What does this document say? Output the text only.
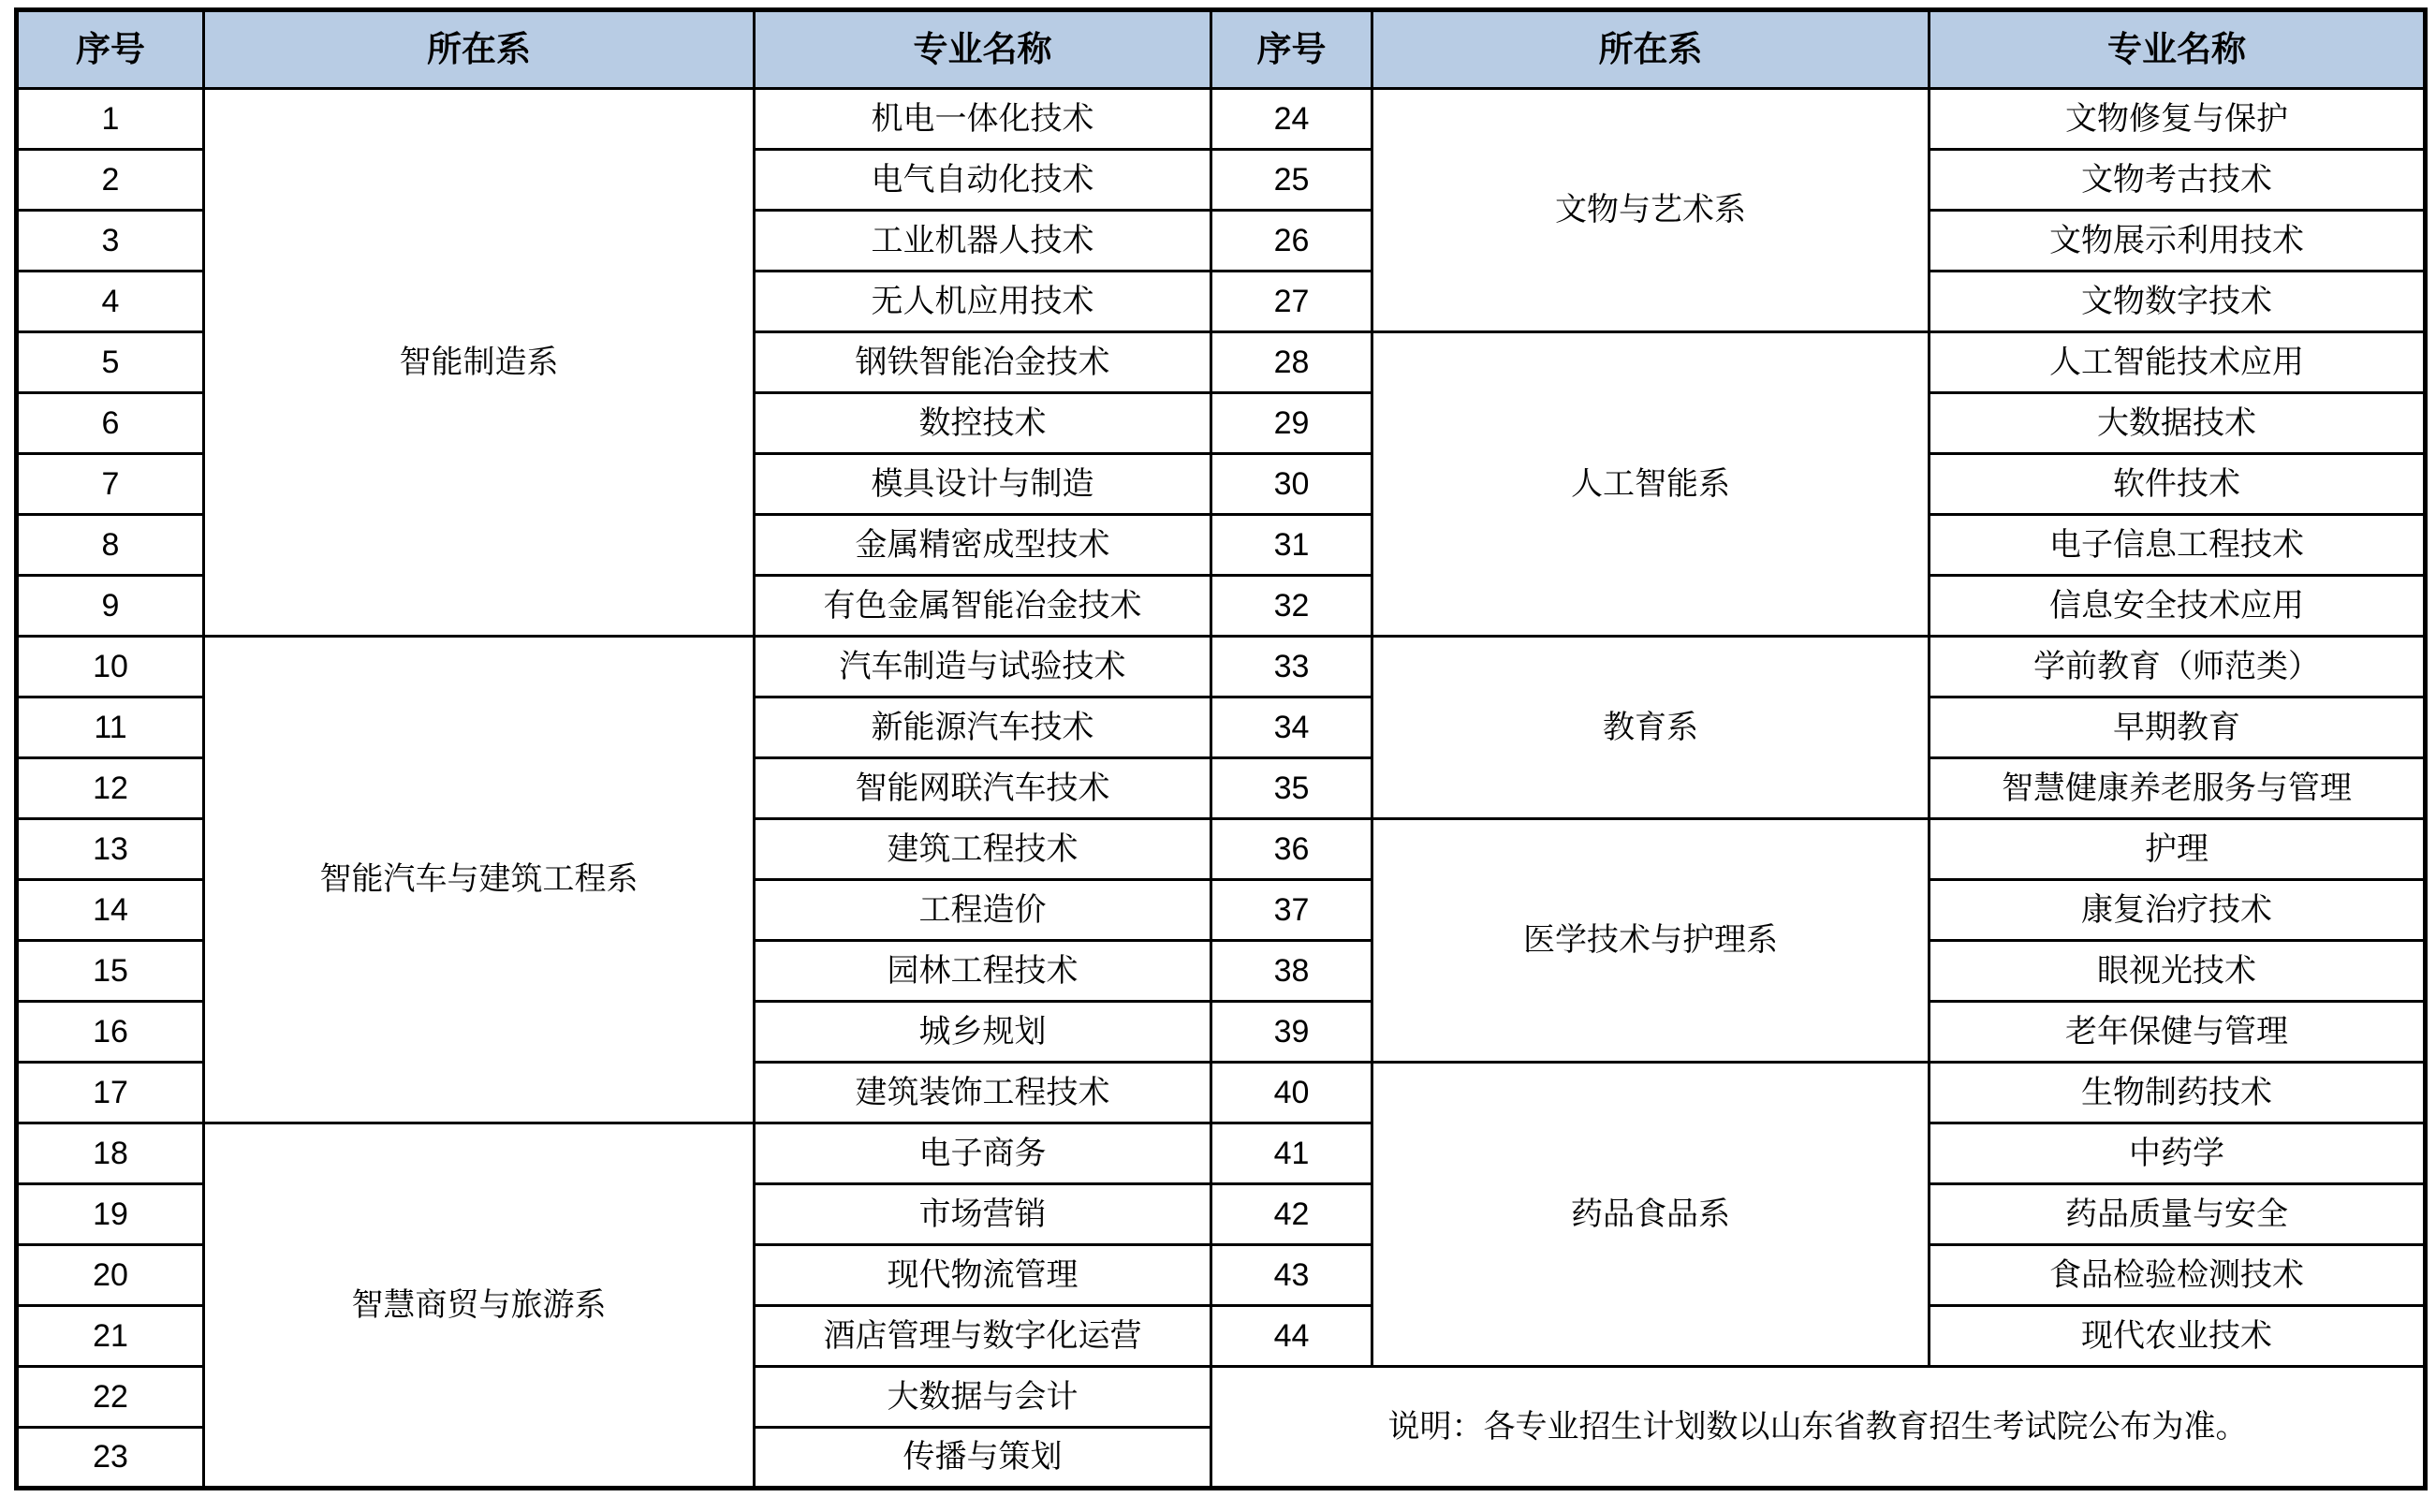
序号	所在系	专业名称	序号	所在系	专业名称
1	智能制造系	机电一体化技术	24	文物与艺术系	文物修复与保护
2		电气自动化技术	25		文物考古技术
3		工业机器人技术	26		文物展示利用技术
4		无人机应用技术	27		文物数字技术
5		钢铁智能冶金技术	28	人工智能系	人工智能技术应用
6		数控技术	29		大数据技术
7		模具设计与制造	30		软件技术
8		金属精密成型技术	31		电子信息工程技术
9		有色金属智能冶金技术	32		信息安全技术应用
10	智能汽车与建筑工程系	汽车制造与试验技术	33	教育系	学前教育（师范类）
11		新能源汽车技术	34		早期教育
12		智能网联汽车技术	35		智慧健康养老服务与管理
13		建筑工程技术	36	医学技术与护理系	护理
14		工程造价	37		康复治疗技术
15		园林工程技术	38		眼视光技术
16		城乡规划	39		老年保健与管理
17		建筑装饰工程技术	40	药品食品系	生物制药技术
18	智慧商贸与旅游系	电子商务	41		中药学
19		市场营销	42		药品质量与安全
20		现代物流管理	43		食品检验检测技术
21		酒店管理与数字化运营	44		现代农业技术
22		大数据与会计	说明：各专业招生计划数以山东省教育招生考试院公布为准。		
23		传播与策划			
